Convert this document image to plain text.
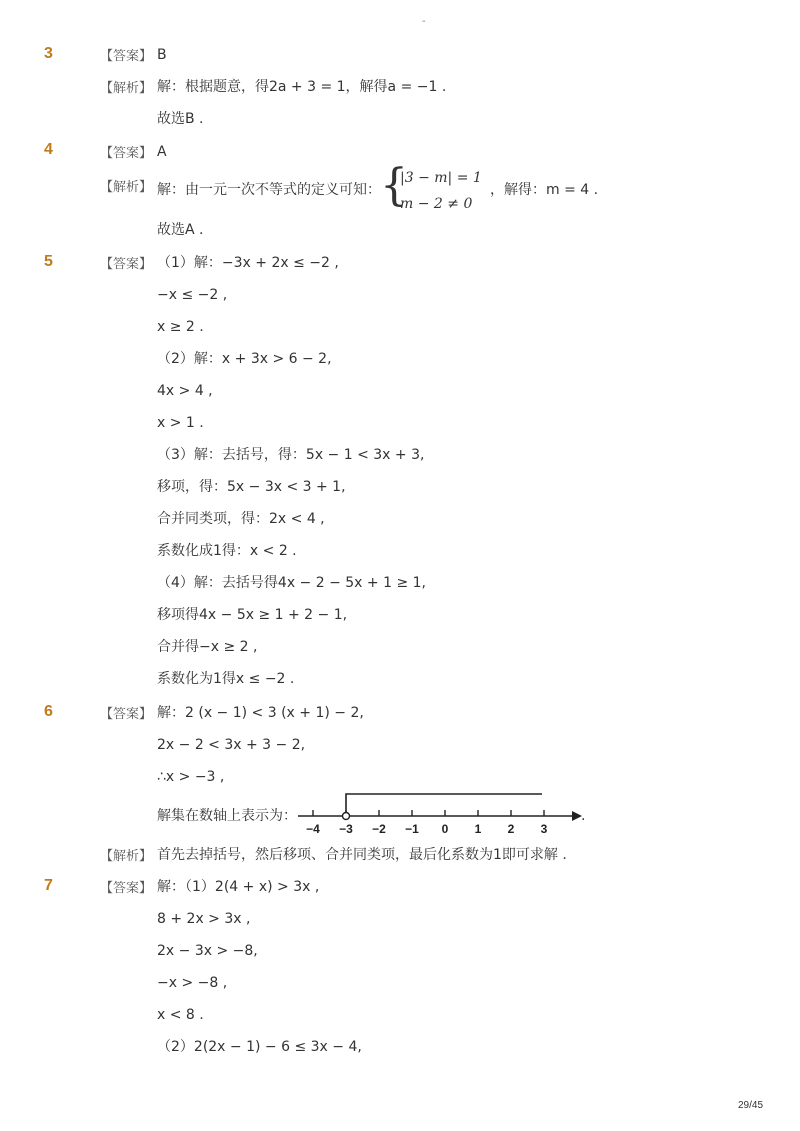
-
29/45
3	【答案】 B
【解析】 解：根据题意，得2a + 3 = 1，解得a = −1 .
故选B .
4	【答案】 A
【解析】 解：由一元一次不等式的定义可知： {
|3 − m| = 1
m − 2 ≠ 0
，解得：m = 4 .
故选A .
5	【答案】 （1）解：−3x + 2x ≤ −2 ,
−x ≤ −2 ,
x ≥ 2 .
（2）解：x + 3x > 6 − 2,
4x > 4 ,
x > 1 .
（3）解：去括号，得：5x − 1 < 3x + 3,
移项，得：5x − 3x < 3 + 1,
合并同类项，得：2x < 4 ,
系数化成1得：x < 2 .
（4）解：去括号得4x − 2 − 5x + 1 ≥ 1,
移项得4x − 5x ≥ 1 + 2 − 1,
合并得−x ≥ 2 ,
系数化为1得x ≤ −2 .
6	【答案】 解：2 (x − 1) < 3 (x + 1) − 2,
2x − 2 < 3x + 3 − 2,
∴x > −3 ,
解集在数轴上表示为：
−4 −3 −2 −1 0 1 2 3
.
【解析】 首先去掉括号，然后移项、合并同类项，最后化系数为1即可求解 .
7	【答案】 解：（1）2(4 + x) > 3x ,
8 + 2x > 3x ,
2x − 3x > −8,
−x > −8 ,
x < 8 .
（2）2(2x − 1) − 6 ≤ 3x − 4,
